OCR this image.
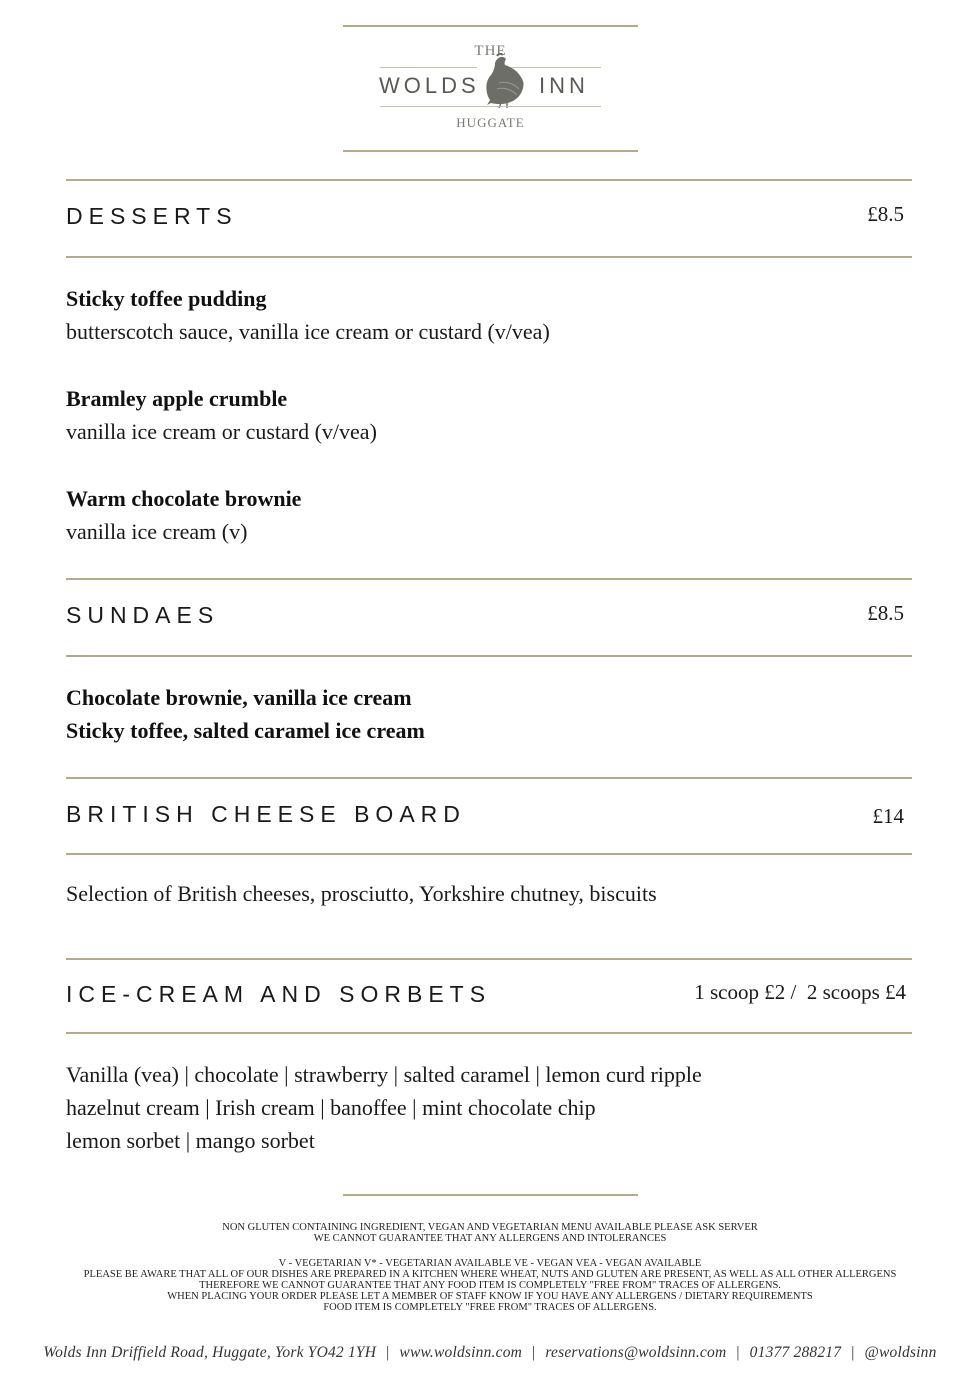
THE
WOLDS	INN
HUGGATE
DESSERTS	£8.5
Sticky toffee pudding
butterscotch sauce, vanilla ice cream or custard (v/vea)
Bramley apple crumble
vanilla ice cream or custard (v/vea)
Warm chocolate brownie
vanilla ice cream (v)
SUNDAES	£8.5
Chocolate brownie, vanilla ice cream
Sticky toffee, salted caramel ice cream
BRITISH CHEESE BOARD	£14
Selection of British cheeses, prosciutto, Yorkshire chutney, biscuits
ICE-CREAM AND SORBETS	1 scoop £2 /  2 scoops £4
Vanilla (vea) | chocolate | strawberry | salted caramel | lemon curd ripple
hazelnut cream | Irish cream | banoffee | mint chocolate chip
lemon sorbet | mango sorbet
NON GLUTEN CONTAINING INGREDIENT, VEGAN AND VEGETARIAN MENU AVAILABLE PLEASE ASK SERVER
WE CANNOT GUARANTEE THAT ANY ALLERGENS AND INTOLERANCES
V - VEGETARIAN V* - VEGETARIAN AVAILABLE VE - VEGAN VEA - VEGAN AVAILABLE
PLEASE BE AWARE THAT ALL OF OUR DISHES ARE PREPARED IN A KITCHEN WHERE WHEAT, NUTS AND GLUTEN ARE PRESENT, AS WELL AS ALL OTHER ALLERGENS
THEREFORE WE CANNOT GUARANTEE THAT ANY FOOD ITEM IS COMPLETELY "FREE FROM" TRACES OF ALLERGENS.
WHEN PLACING YOUR ORDER PLEASE LET A MEMBER OF STAFF KNOW IF YOU HAVE ANY ALLERGENS / DIETARY REQUIREMENTS
FOOD ITEM IS COMPLETELY "FREE FROM" TRACES OF ALLERGENS.
Wolds Inn Driffield Road, Huggate, York YO42 1YH | www.woldsinn.com | reservations@woldsinn.com | 01377 288217 | @woldsinn
